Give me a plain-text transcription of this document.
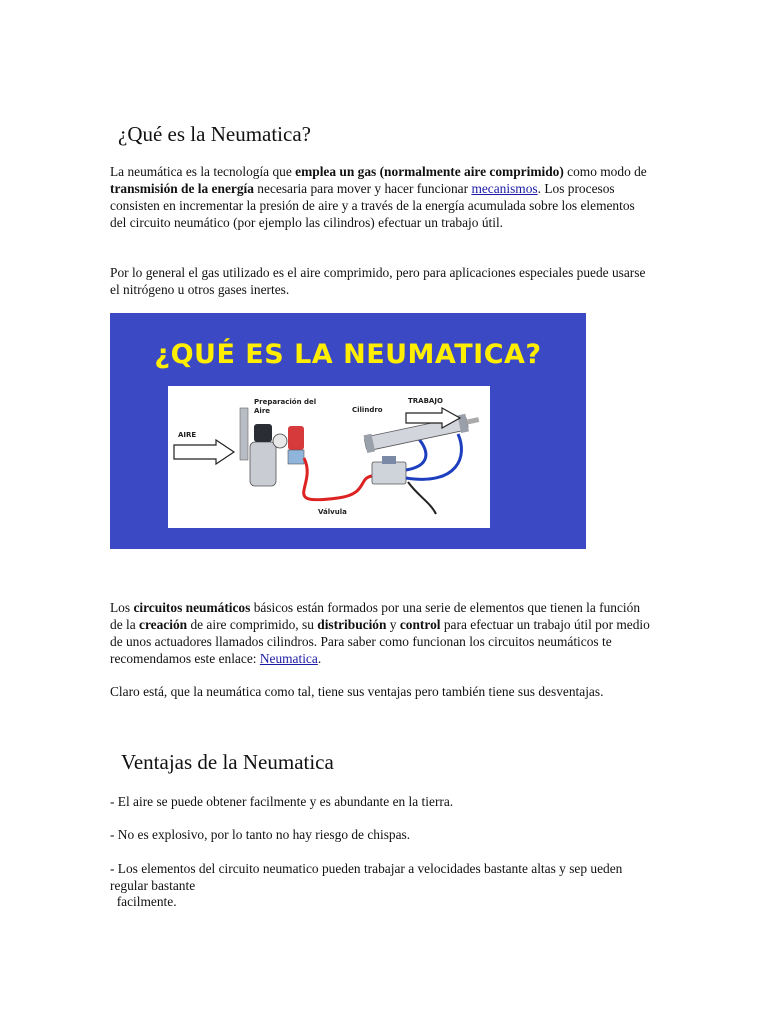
¿Qué es la Neumatica?

La neumática es la tecnología que emplea un gas (normalmente aire comprimido) como modo de transmisión de la energía necesaria para mover y hacer funcionar mecanismos. Los procesos consisten en incrementar la presión de aire y a través de la energía acumulada sobre los elementos del circuito neumático (por ejemplo las cilindros) efectuar un trabajo útil.

Por lo general el gas utilizado es el aire comprimido, pero para aplicaciones especiales puede usarse el nitrógeno u otros gases inertes.

¿QUÉ ES LA NEUMATICA?
AIRE
Preparación del
Aire	Cilindro
TRABAJO
Válvula

Los circuitos neumáticos básicos están formados por una serie de elementos que tienen la función de la creación de aire comprimido, su distribución y control para efectuar un trabajo útil por medio de unos actuadores llamados cilindros. Para saber como funcionan los circuitos neumáticos te recomendamos este enlace: Neumatica.

Claro está, que la neumática como tal, tiene sus ventajas pero también tiene sus desventajas.

Ventajas de la Neumatica

- El aire se puede obtener facilmente y es abundante en la tierra.

- No es explosivo, por lo tanto no hay riesgo de chispas.

- Los elementos del circuito neumatico pueden trabajar a velocidades bastante altas y sep ueden regular bastante

facilmente.
